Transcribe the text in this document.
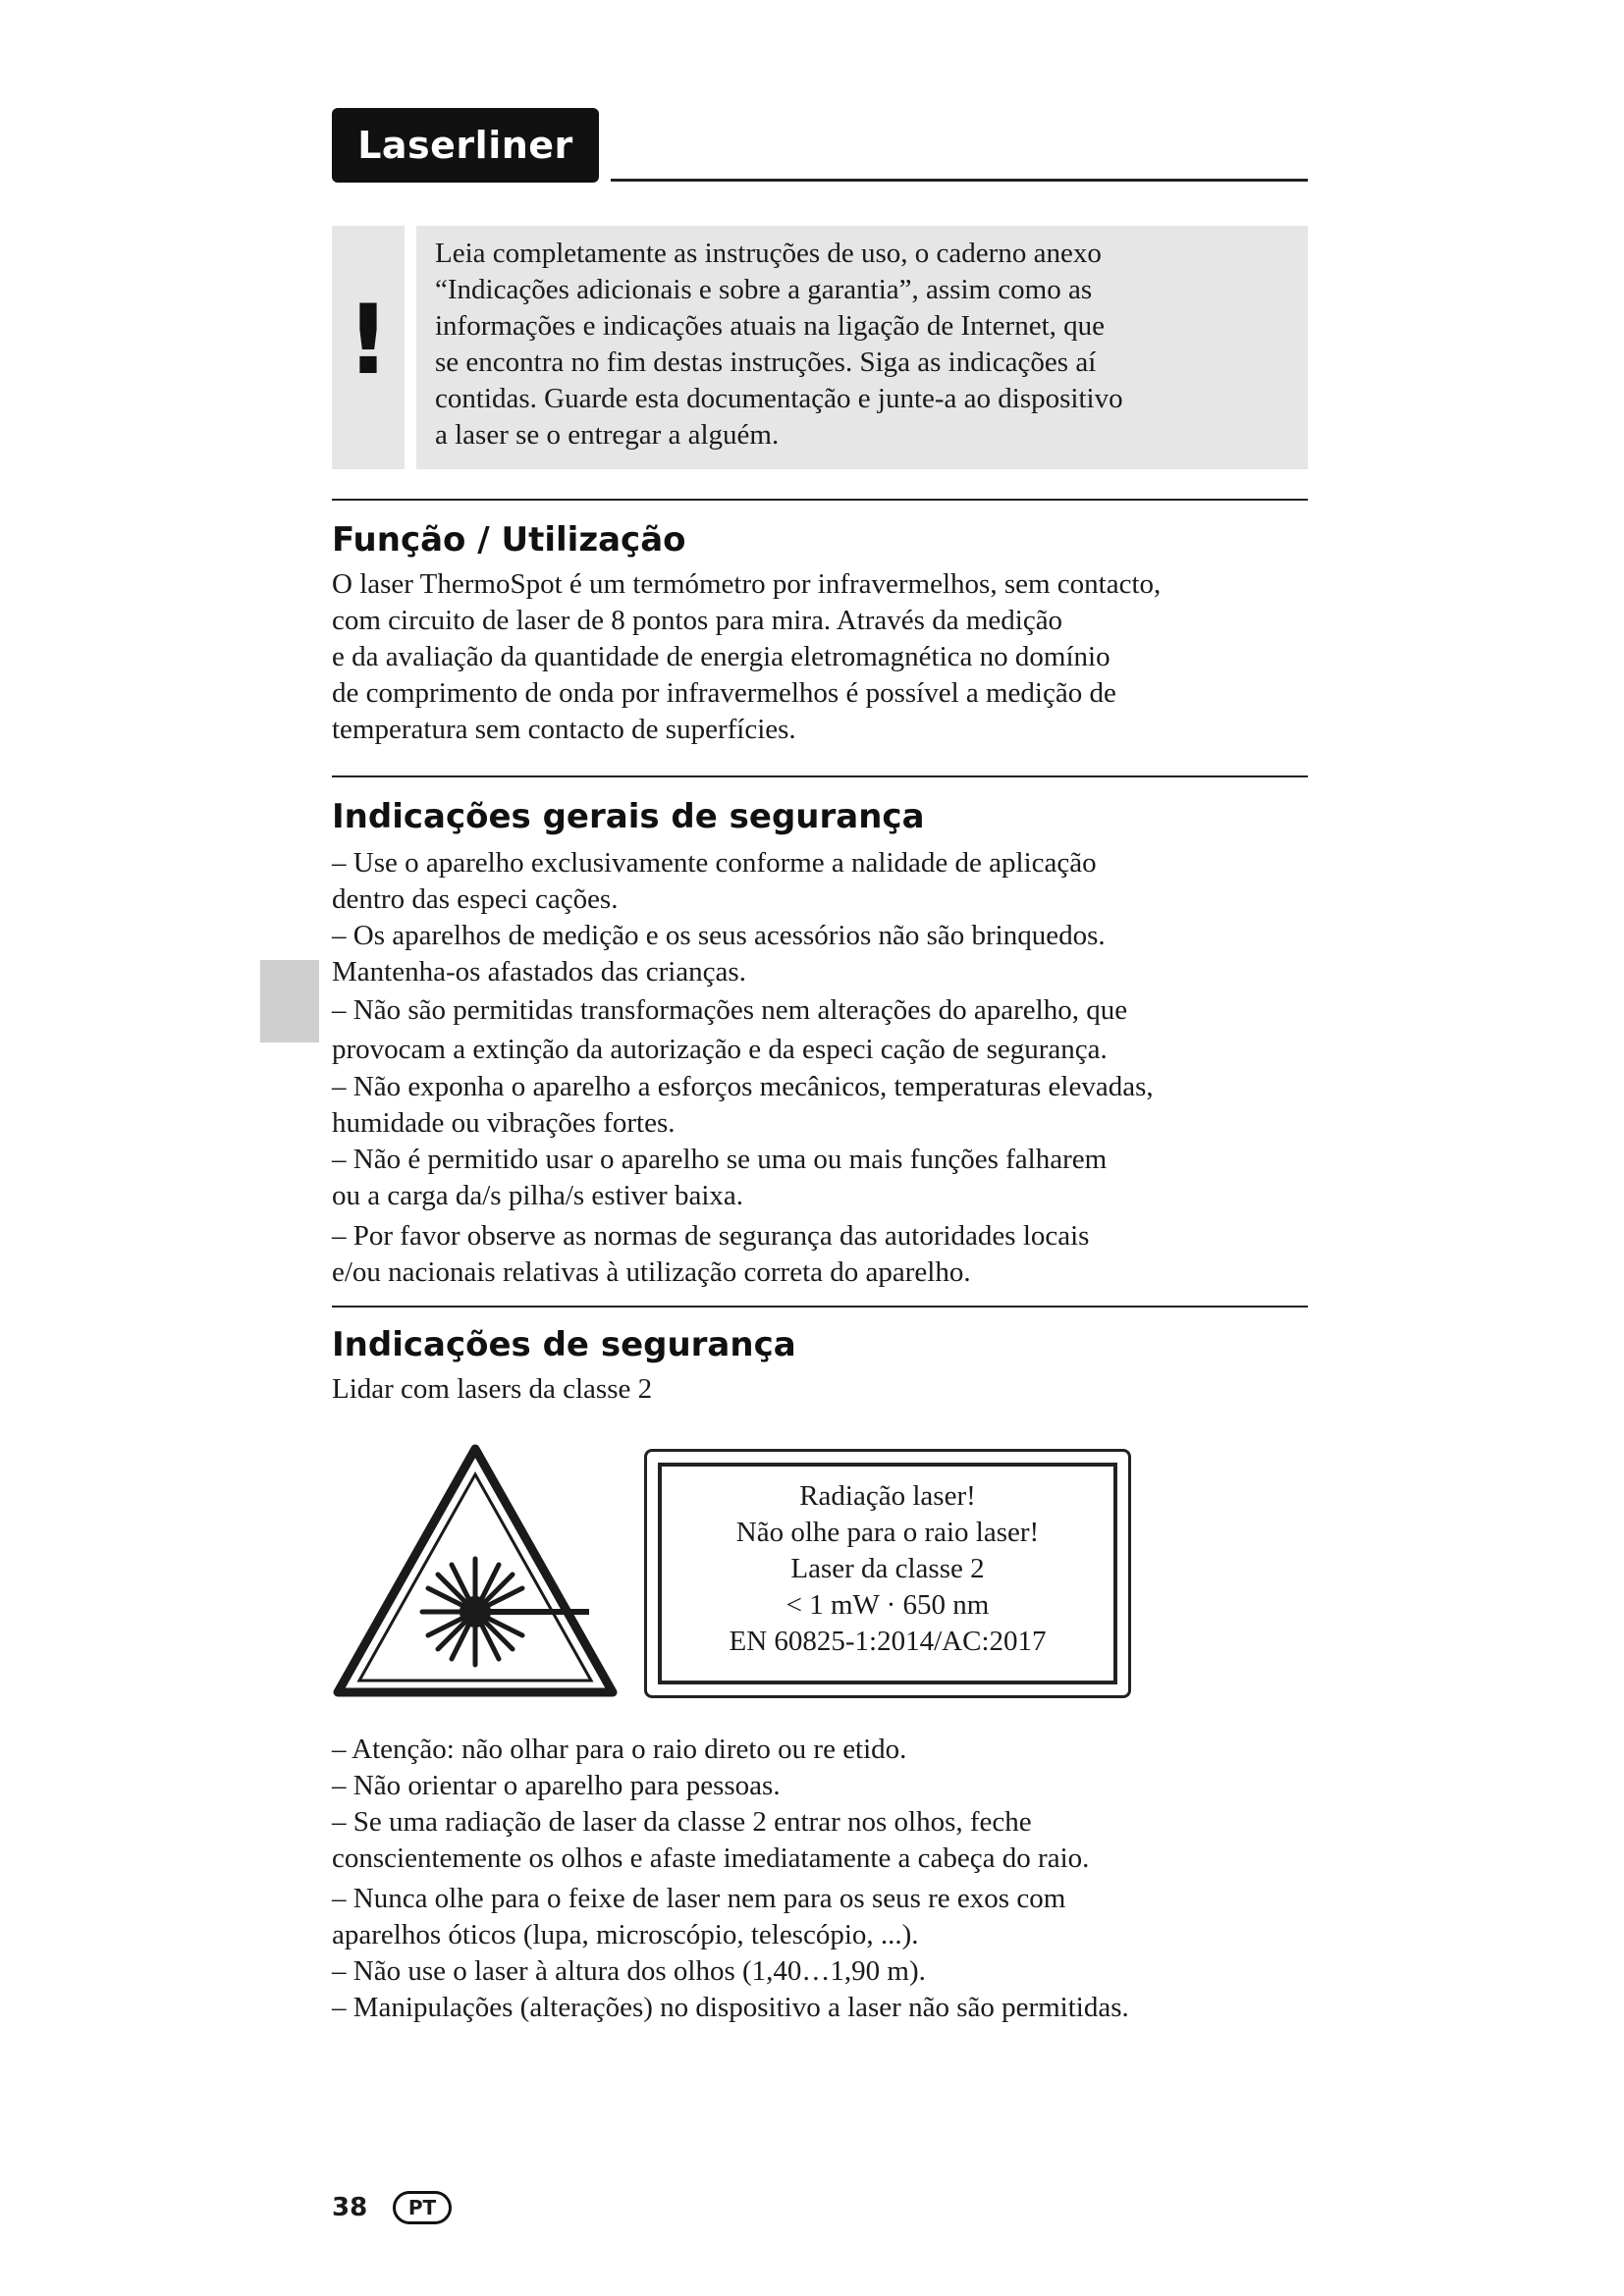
Laserliner
!
Leia completamente as instruções de uso, o caderno anexo
“Indicações adicionais e sobre a garantia”, assim como as
informações e indicações atuais na ligação de Internet, que
se encontra no fim destas instruções. Siga as indicações aí
contidas. Guarde esta documentação e junte-a ao dispositivo
a laser se o entregar a alguém.
Função / Utilização
O laser ThermoSpot é um termómetro por infravermelhos, sem contacto,
com circuito de laser de 8 pontos para mira. Através da medição
e da avaliação da quantidade de energia eletromagnética no domínio
de comprimento de onda por infravermelhos é possível a medição de
temperatura sem contacto de superfícies.
Indicações gerais de segurança
– Use o aparelho exclusivamente conforme a nalidade de aplicação
dentro das especi cações.
– Os aparelhos de medição e os seus acessórios não são brinquedos.
Mantenha-os afastados das crianças.
– Não são permitidas transformações nem alterações do aparelho, que
provocam a extinção da autorização e da especi cação de segurança.
– Não exponha o aparelho a esforços mecânicos, temperaturas elevadas,
humidade ou vibrações fortes.
– Não é permitido usar o aparelho se uma ou mais funções falharem
ou a carga da/s pilha/s estiver baixa.
– Por favor observe as normas de segurança das autoridades locais
e/ou nacionais relativas à utilização correta do aparelho.
Indicações de segurança
Lidar com lasers da classe 2
Radiação laser!
Não olhe para o raio laser!
Laser da classe 2
< 1 mW · 650 nm
EN 60825-1:2014/AC:2017
– Atenção: não olhar para o raio direto ou re etido.
– Não orientar o aparelho para pessoas.
– Se uma radiação de laser da classe 2 entrar nos olhos, feche
conscientemente os olhos e afaste imediatamente a cabeça do raio.
– Nunca olhe para o feixe de laser nem para os seus re exos com
aparelhos óticos (lupa, microscópio, telescópio, ...).
– Não use o laser à altura dos olhos (1,40…1,90 m).
– Manipulações (alterações) no dispositivo a laser não são permitidas.
38	PT
